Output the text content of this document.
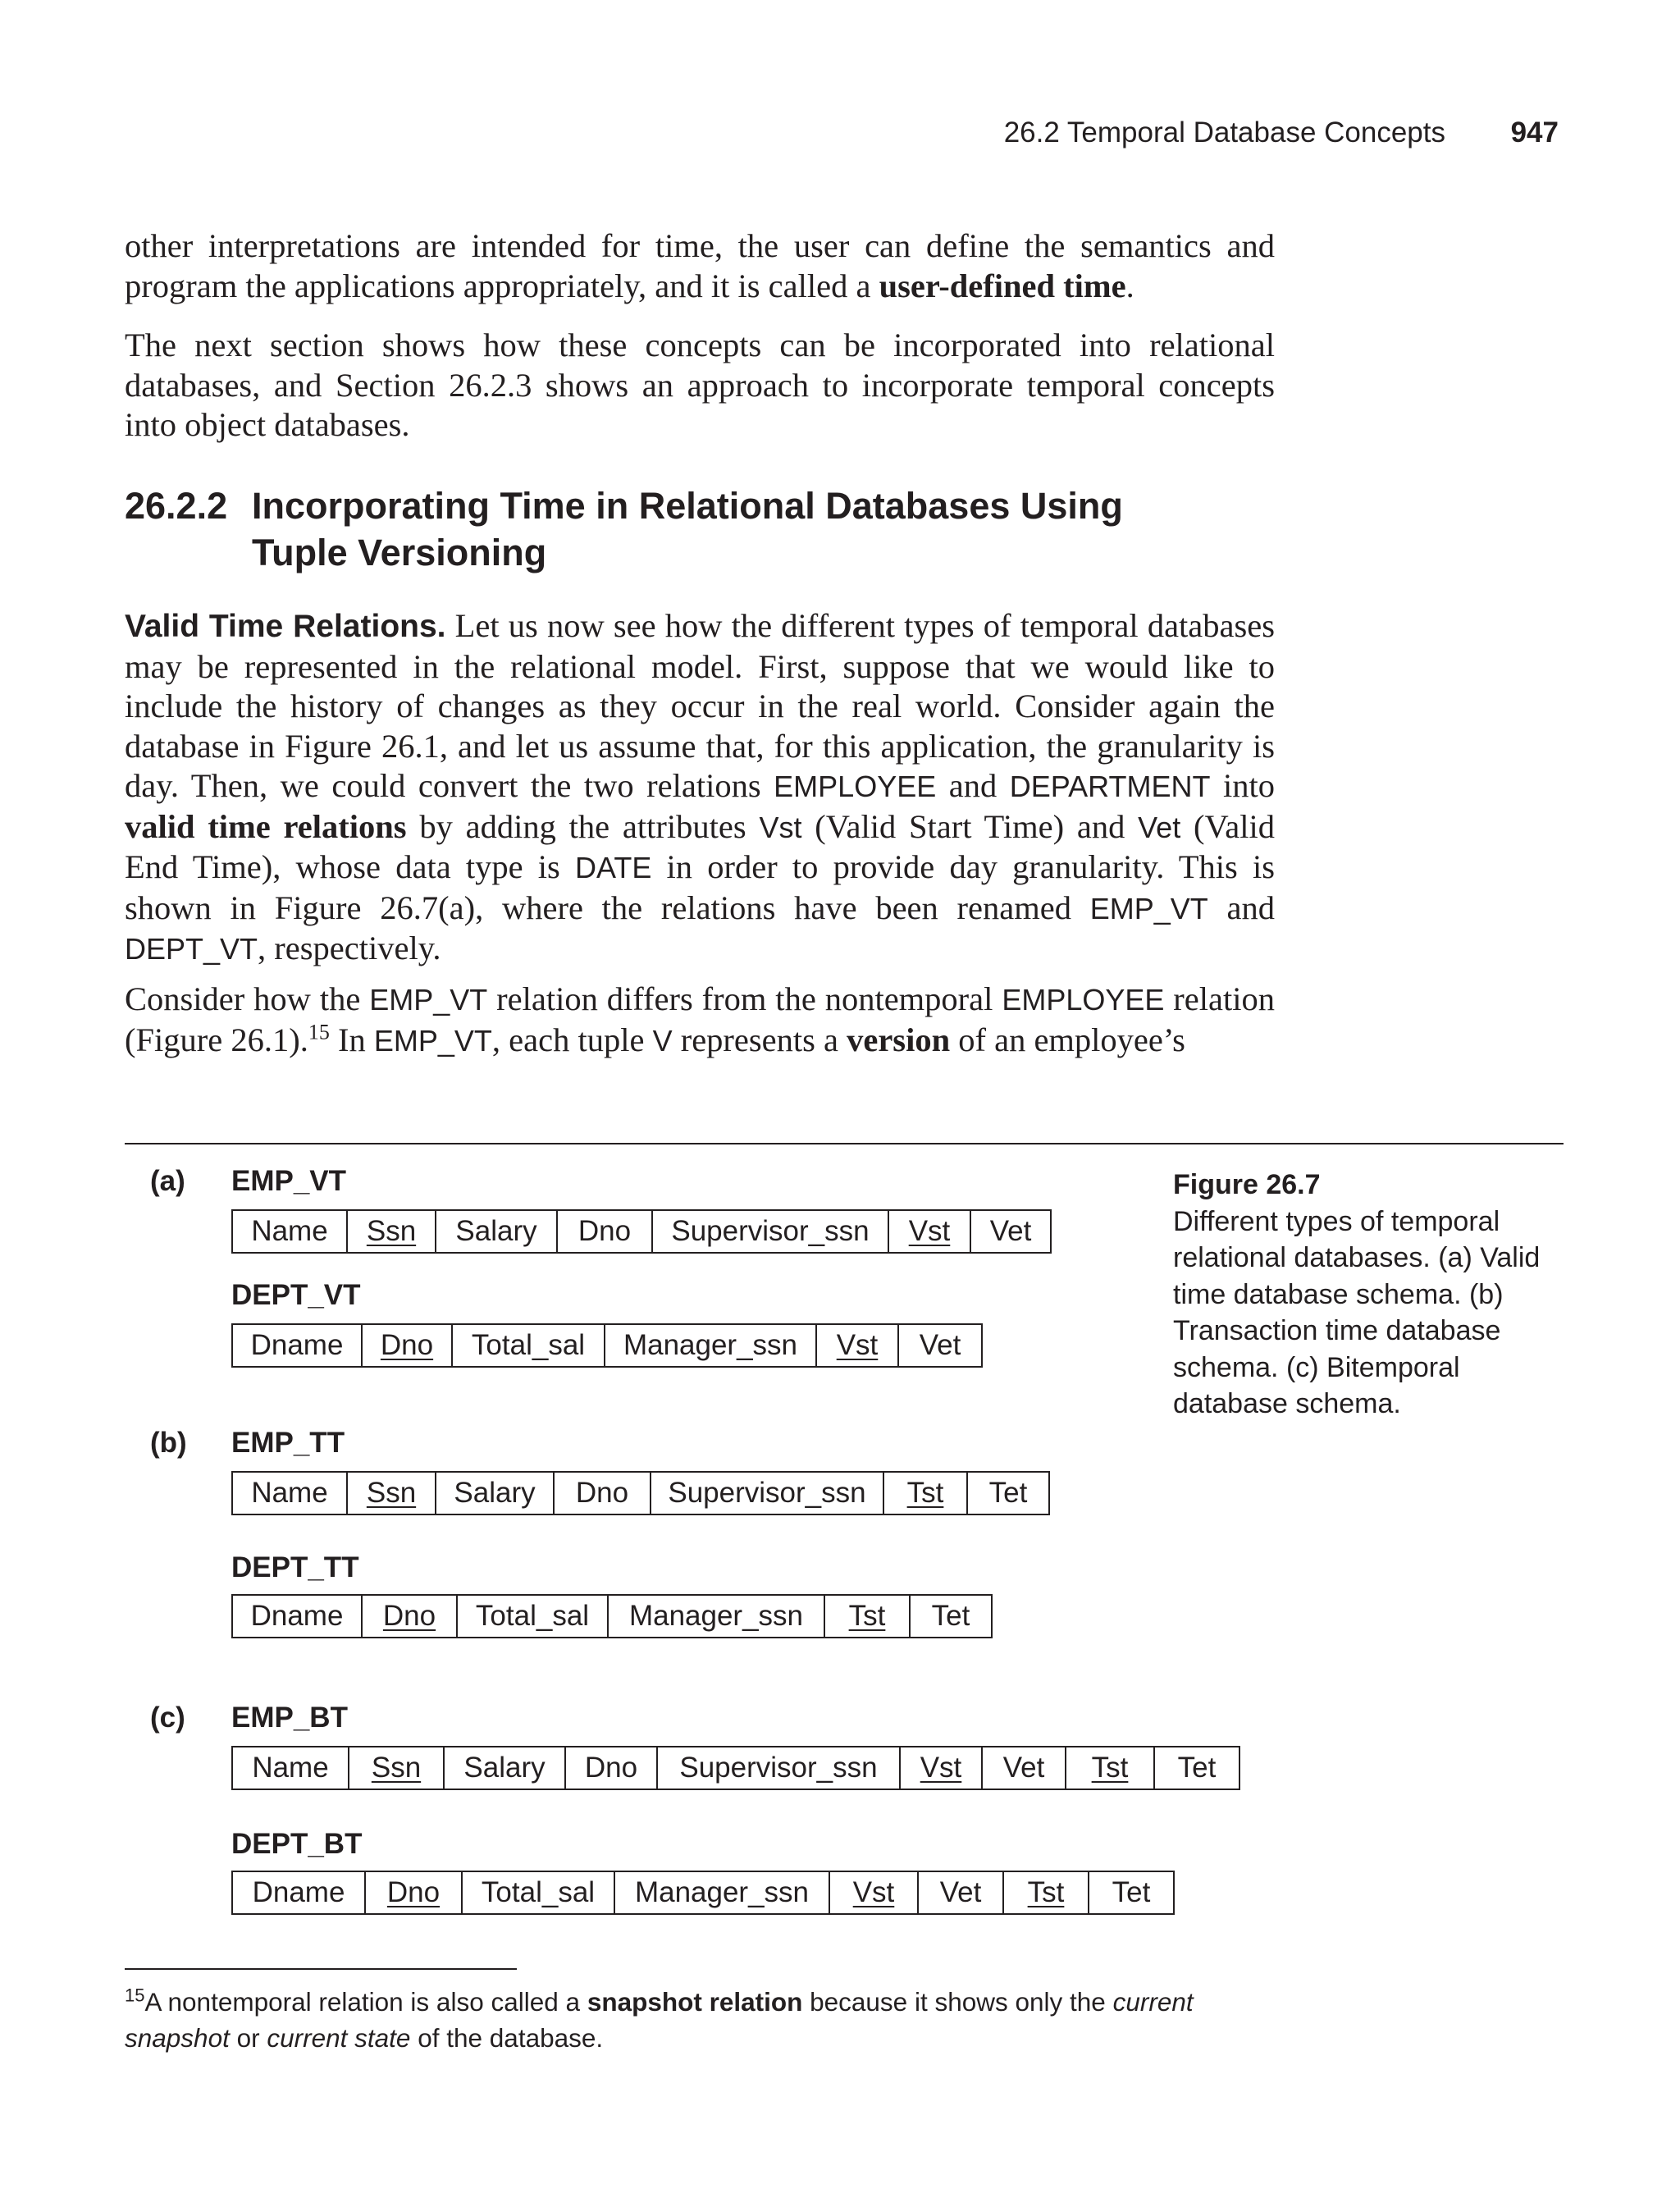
26.2 Temporal Database Concepts 947

other interpretations are intended for time, the user can define the semantics and program the applications appropriately, and it is called a user-defined time.

The next section shows how these concepts can be incorporated into relational databases, and Section 26.2.3 shows an approach to incorporate temporal concepts into object databases.

26.2.2 Incorporating Time in Relational Databases Using Tuple Versioning

Valid Time Relations. Let us now see how the different types of temporal databases may be represented in the relational model. First, suppose that we would like to include the history of changes as they occur in the real world. Consider again the database in Figure 26.1, and let us assume that, for this application, the granularity is day. Then, we could convert the two relations EMPLOYEE and DEPARTMENT into valid time relations by adding the attributes Vst (Valid Start Time) and Vet (Valid End Time), whose data type is DATE in order to provide day granularity. This is shown in Figure 26.7(a), where the relations have been renamed EMP_VT and DEPT_VT, respectively.

Consider how the EMP_VT relation differs from the nontemporal EMPLOYEE relation (Figure 26.1).$^{15}$ In EMP_VT, each tuple V represents a version of an employee’s

(a) EMP_VT
Name Ssn Salary Dno Supervisor_ssn Vst Vet
DEPT_VT
Dname Dno Total_sal Manager_ssn Vst Vet
(b) EMP_TT
Name Ssn Salary Dno Supervisor_ssn Tst Tet
DEPT_TT
Dname Dno Total_sal Manager_ssn Tst Tet
(c) EMP_BT
Name Ssn Salary Dno Supervisor_ssn Vst Vet Tst Tet
DEPT_BT
Dname Dno Total_sal Manager_ssn Vst Vet Tst Tet
Figure 26.7
Different types of temporal relational databases. (a) Valid time database schema. (b) Transaction time database schema. (c) Bitemporal database schema.

$^{15}$A nontemporal relation is also called a snapshot relation because it shows only the current snapshot or current state of the database.
